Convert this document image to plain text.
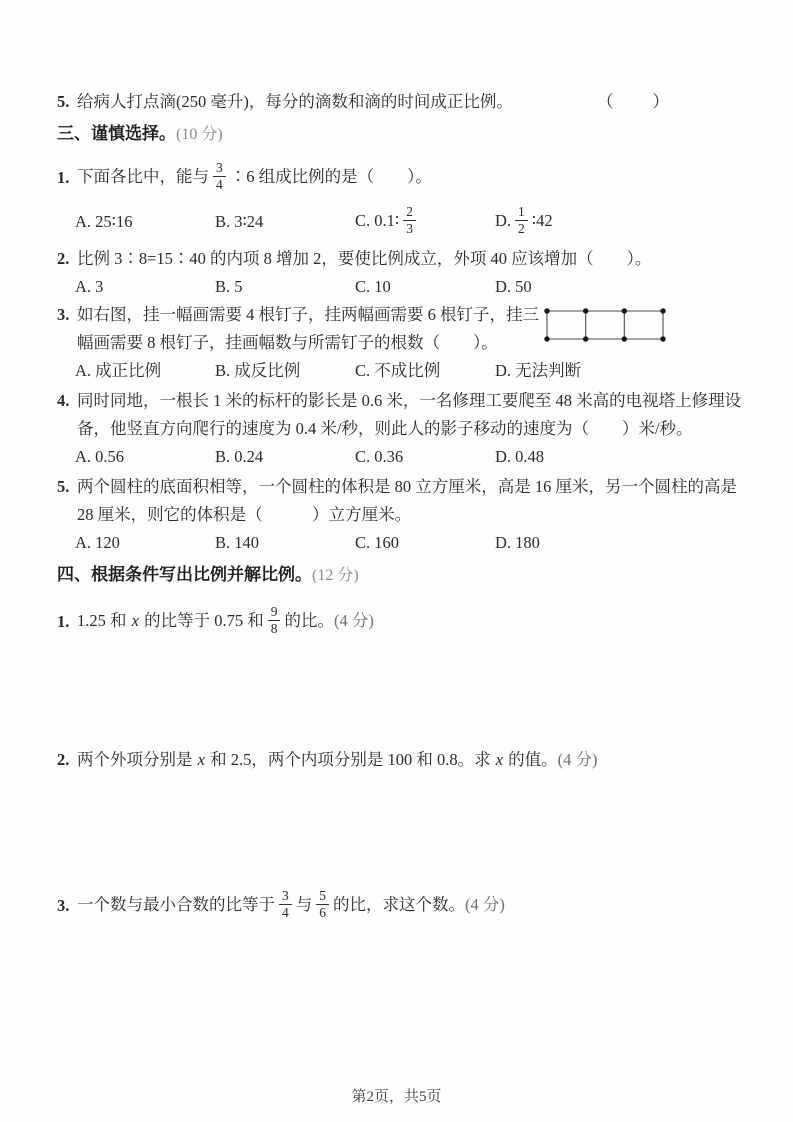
5. 给病人打点滴(250 毫升)，每分的滴数和滴的时间成正比例。	（　　）
三、谨慎选择。(10 分)
1. 下面各比中，能与 $\frac{3}{4}$ ∶6 组成比例的是（　　）。
A. 25∶16	B. 3∶24	C. 0.1∶ $\frac{2}{3}$	D. $\frac{1}{2}$ ∶42
2. 比例 3∶8=15∶40 的内项 8 增加 2，要使比例成立，外项 40 应该增加（　　）。
A. 3	B. 5	C. 10	D. 50
3. 如右图，挂一幅画需要 4 根钉子，挂两幅画需要 6 根钉子，挂三幅画需要 8 根钉子，挂画幅数与所需钉子的根数（　　）。
A. 成正比例	B. 成反比例	C. 不成比例	D. 无法判断
4. 同时同地，一根长 1 米的标杆的影长是 0.6 米，一名修理工要爬至 48 米高的电视塔上修理设备，他竖直方向爬行的速度为 0.4 米/秒，则此人的影子移动的速度为（　　）米/秒。
A. 0.56	B. 0.24	C. 0.36	D. 0.48
5. 两个圆柱的底面积相等，一个圆柱的体积是 80 立方厘米，高是 16 厘米，另一个圆柱的高是 28 厘米，则它的体积是（　　　）立方厘米。
A. 120	B. 140	C. 160	D. 180
四、根据条件写出比例并解比例。(12 分)
1. 1.25 和 x 的比等于 0.75 和 $\frac{9}{8}$ 的比。(4 分)
2. 两个外项分别是 x 和 2.5，两个内项分别是 100 和 0.8。求 x 的值。(4 分)
3. 一个数与最小合数的比等于 $\frac{3}{4}$ 与 $\frac{5}{6}$ 的比，求这个数。(4 分)
第2页，共5页
